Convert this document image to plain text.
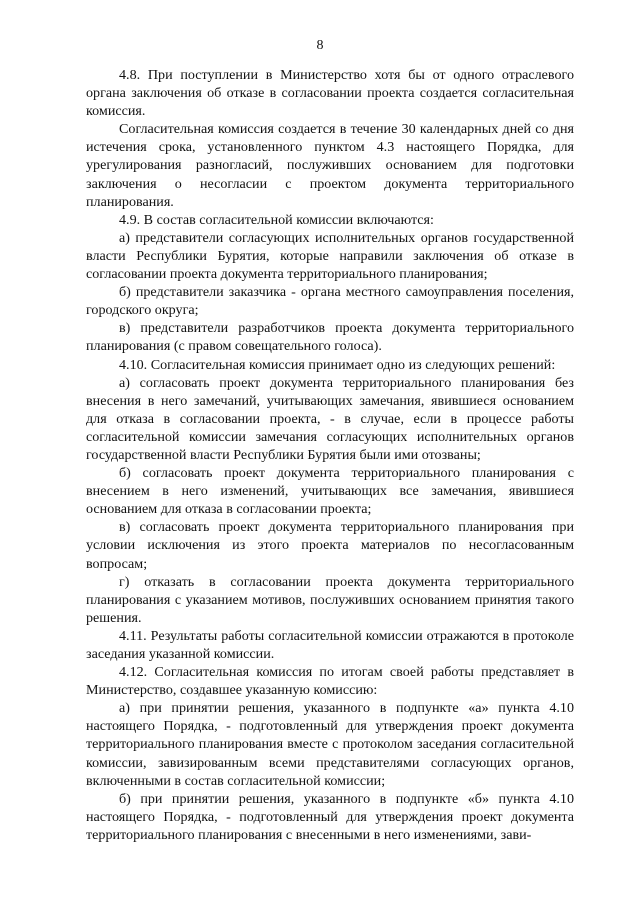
8

4.8. При поступлении в Министерство хотя бы от одного отраслевого органа заключения об отказе в согласовании проекта создается согласительная комиссия.

Согласительная комиссия создается в течение 30 календарных дней со дня истечения срока, установленного пунктом 4.3 настоящего Порядка, для урегулирования разногласий, послуживших основанием для подготовки заключения о несогласии с проектом документа территориального планирования.

4.9. В состав согласительной комиссии включаются:

а) представители согласующих исполнительных органов государственной власти Республики Бурятия, которые направили заключения об отказе в согласовании проекта документа территориального планирования;

б) представители заказчика - органа местного самоуправления поселения, городского округа;

в) представители разработчиков проекта документа территориального планирования (с правом совещательного голоса).

4.10. Согласительная комиссия принимает одно из следующих решений:

а) согласовать проект документа территориального планирования без внесения в него замечаний, учитывающих замечания, явившиеся основанием для отказа в согласовании проекта, - в случае, если в процессе работы согласительной комиссии замечания согласующих исполнительных органов государственной власти Республики Бурятия были ими отозваны;

б) согласовать проект документа территориального планирования с внесением в него изменений, учитывающих все замечания, явившиеся основанием для отказа в согласовании проекта;

в) согласовать проект документа территориального планирования при условии исключения из этого проекта материалов по несогласованным вопросам;

г) отказать в согласовании проекта документа территориального планирования с указанием мотивов, послуживших основанием принятия такого решения.

4.11. Результаты работы согласительной комиссии отражаются в протоколе заседания указанной комиссии.

4.12. Согласительная комиссия по итогам своей работы представляет в Министерство, создавшее указанную комиссию:

а) при принятии решения, указанного в подпункте «а» пункта 4.10 настоящего Порядка, - подготовленный для утверждения проект документа территориального планирования вместе с протоколом заседания согласительной комиссии, завизированным всеми представителями согласующих органов, включенными в состав согласительной комиссии;

б) при принятии решения, указанного в подпункте «б» пункта 4.10 настоящего Порядка, - подготовленный для утверждения проект документа территориального планирования с внесенными в него изменениями, зави-
